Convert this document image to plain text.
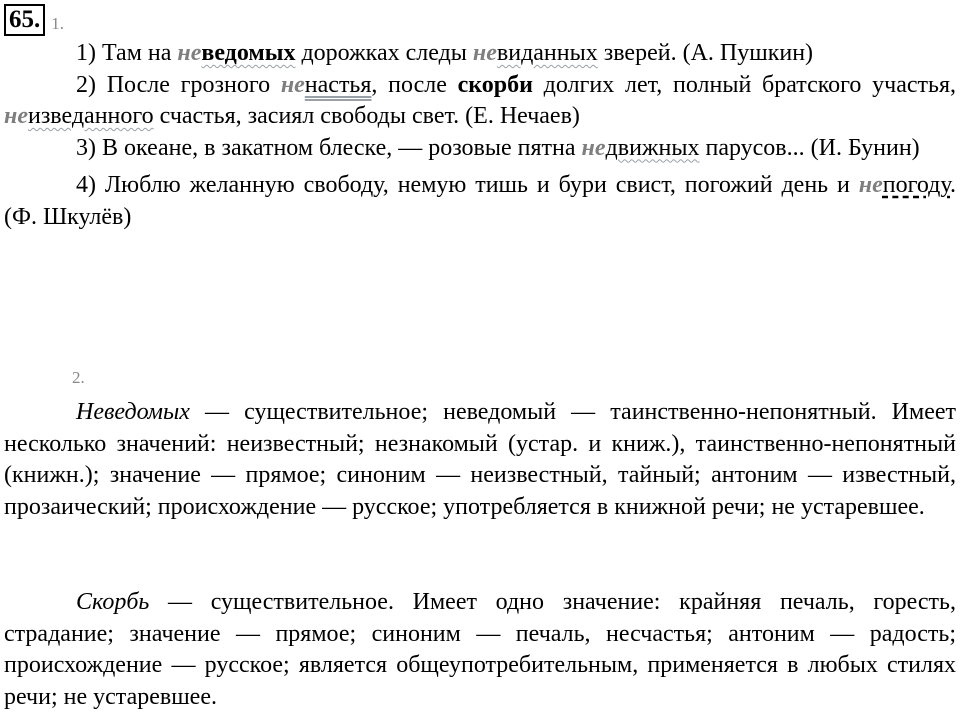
65. 1.

1) Там на неведомых дорожках следы невиданных зверей. (А. Пушкин)

2) После грозного ненастья, после скорби долгих лет, полный братского участья, неизведанного счастья, засиял свободы свет. (Е. Нечаев)

3) В океане, в закатном блеске, — розовые пятна недвижных парусов... (И. Бунин)

4) Люблю желанную свободу, немую тишь и бури свист, погожий день и непогоду. (Ф. Шкулёв)

2.

Неведомых — существительное; неведомый — таинственно-непонятный. Имеет несколько значений: неизвестный; незнакомый (устар. и книж.), таинственно-непонятный (книжн.); значение — прямое; синоним — неизвестный, тайный; антоним — известный, прозаический; происхождение — русское; употребляется в книжной речи; не устаревшее.

Скорбь — существительное. Имеет одно значение: крайняя печаль, горесть, страдание; значение — прямое; синоним — печаль, несчастья; антоним — радость; происхождение — русское; является общеупотребительным, применяется в любых стилях речи; не устаревшее.
